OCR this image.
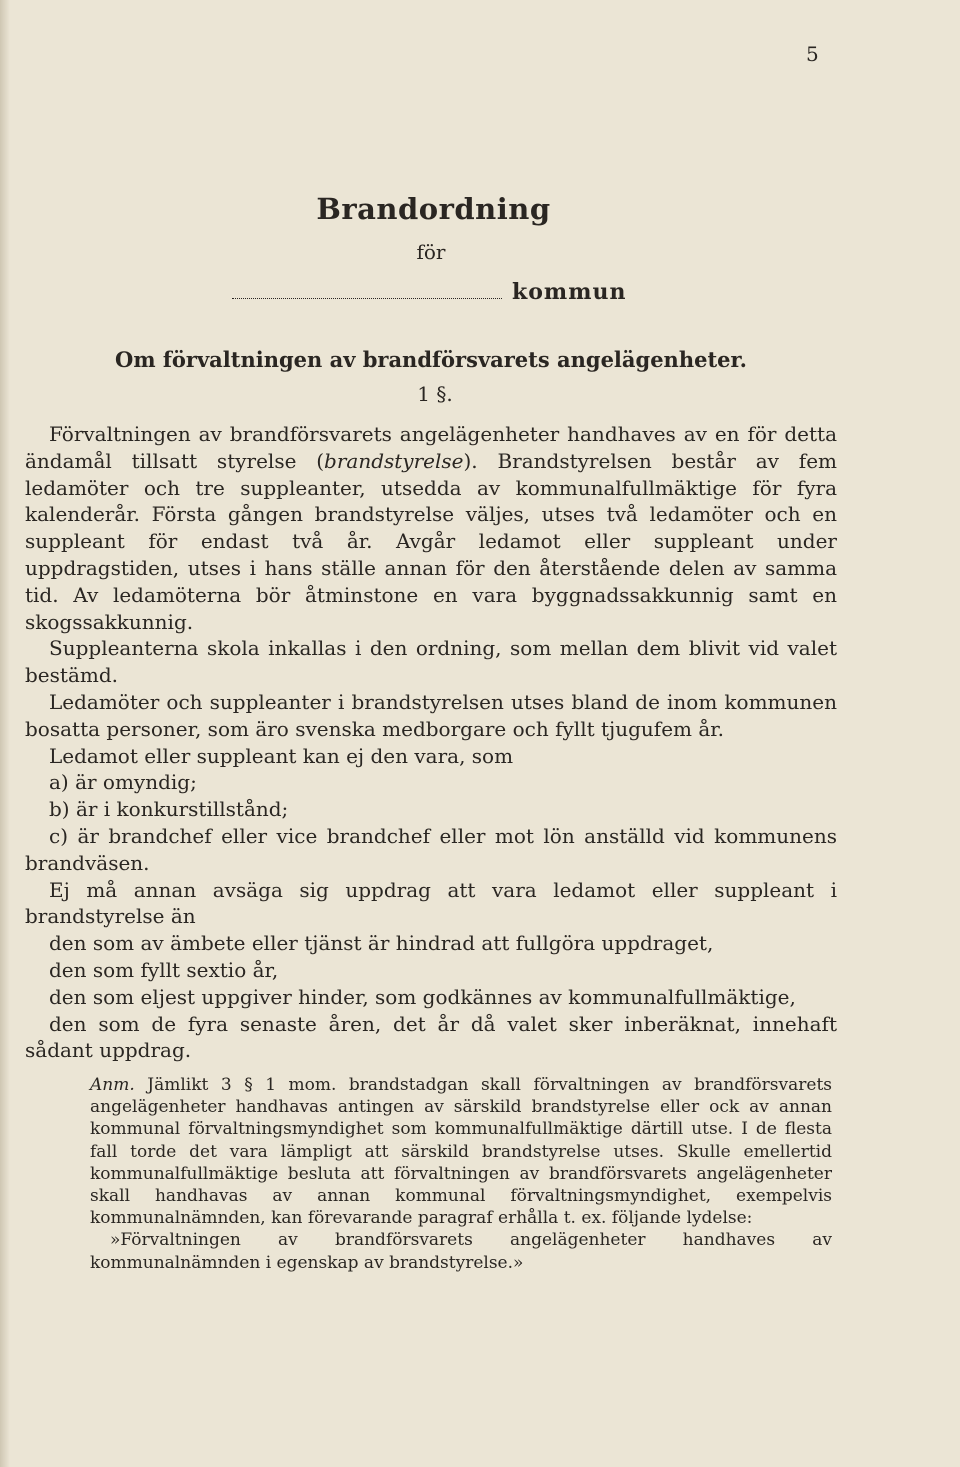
5
Brandordning
för
kommun
Om förvaltningen av brandförsvarets angelägenheter.
1 §.

Förvaltningen av brandförsvarets angelägenheter handhaves av en för detta ändamål tillsatt styrelse (brandstyrelse). Brandstyrelsen består av fem ledamöter och tre suppleanter, utsedda av kommunalfullmäktige för fyra kalenderår. Första gången brandstyrelse väljes, utses två ledamöter och en suppleant för endast två år. Avgår ledamot eller suppleant under uppdragstiden, utses i hans ställe annan för den återstående delen av samma tid. Av ledamöterna bör åtminstone en vara byggnadssakkunnig samt en skogssakkunnig.

Suppleanterna skola inkallas i den ordning, som mellan dem blivit vid valet bestämd.

Ledamöter och suppleanter i brandstyrelsen utses bland de inom kommunen bosatta personer, som äro svenska medborgare och fyllt tjugufem år.

Ledamot eller suppleant kan ej den vara, som

a) är omyndig;

b) är i konkurstillstånd;

c) är brandchef eller vice brandchef eller mot lön anställd vid kommunens brandväsen.

Ej må annan avsäga sig uppdrag att vara ledamot eller suppleant i brandstyrelse än

den som av ämbete eller tjänst är hindrad att fullgöra uppdraget,

den som fyllt sextio år,

den som eljest uppgiver hinder, som godkännes av kommunalfullmäktige,

den som de fyra senaste åren, det år då valet sker inberäknat, innehaft sådant uppdrag.

Anm. Jämlikt 3 § 1 mom. brandstadgan skall förvaltningen av brandförsvarets angelägenheter handhavas antingen av särskild brandstyrelse eller ock av annan kommunal förvaltningsmyndighet som kommunalfullmäktige därtill utse. I de flesta fall torde det vara lämpligt att särskild brandstyrelse utses. Skulle emellertid kommunalfullmäktige besluta att förvaltningen av brandförsvarets angelägenheter skall handhavas av annan kommunal förvaltningsmyndighet, exempelvis kommunalnämnden, kan förevarande paragraf erhålla t. ex. följande lydelse:

»Förvaltningen av brandförsvarets angelägenheter handhaves av kommunalnämnden i egenskap av brandstyrelse.»
